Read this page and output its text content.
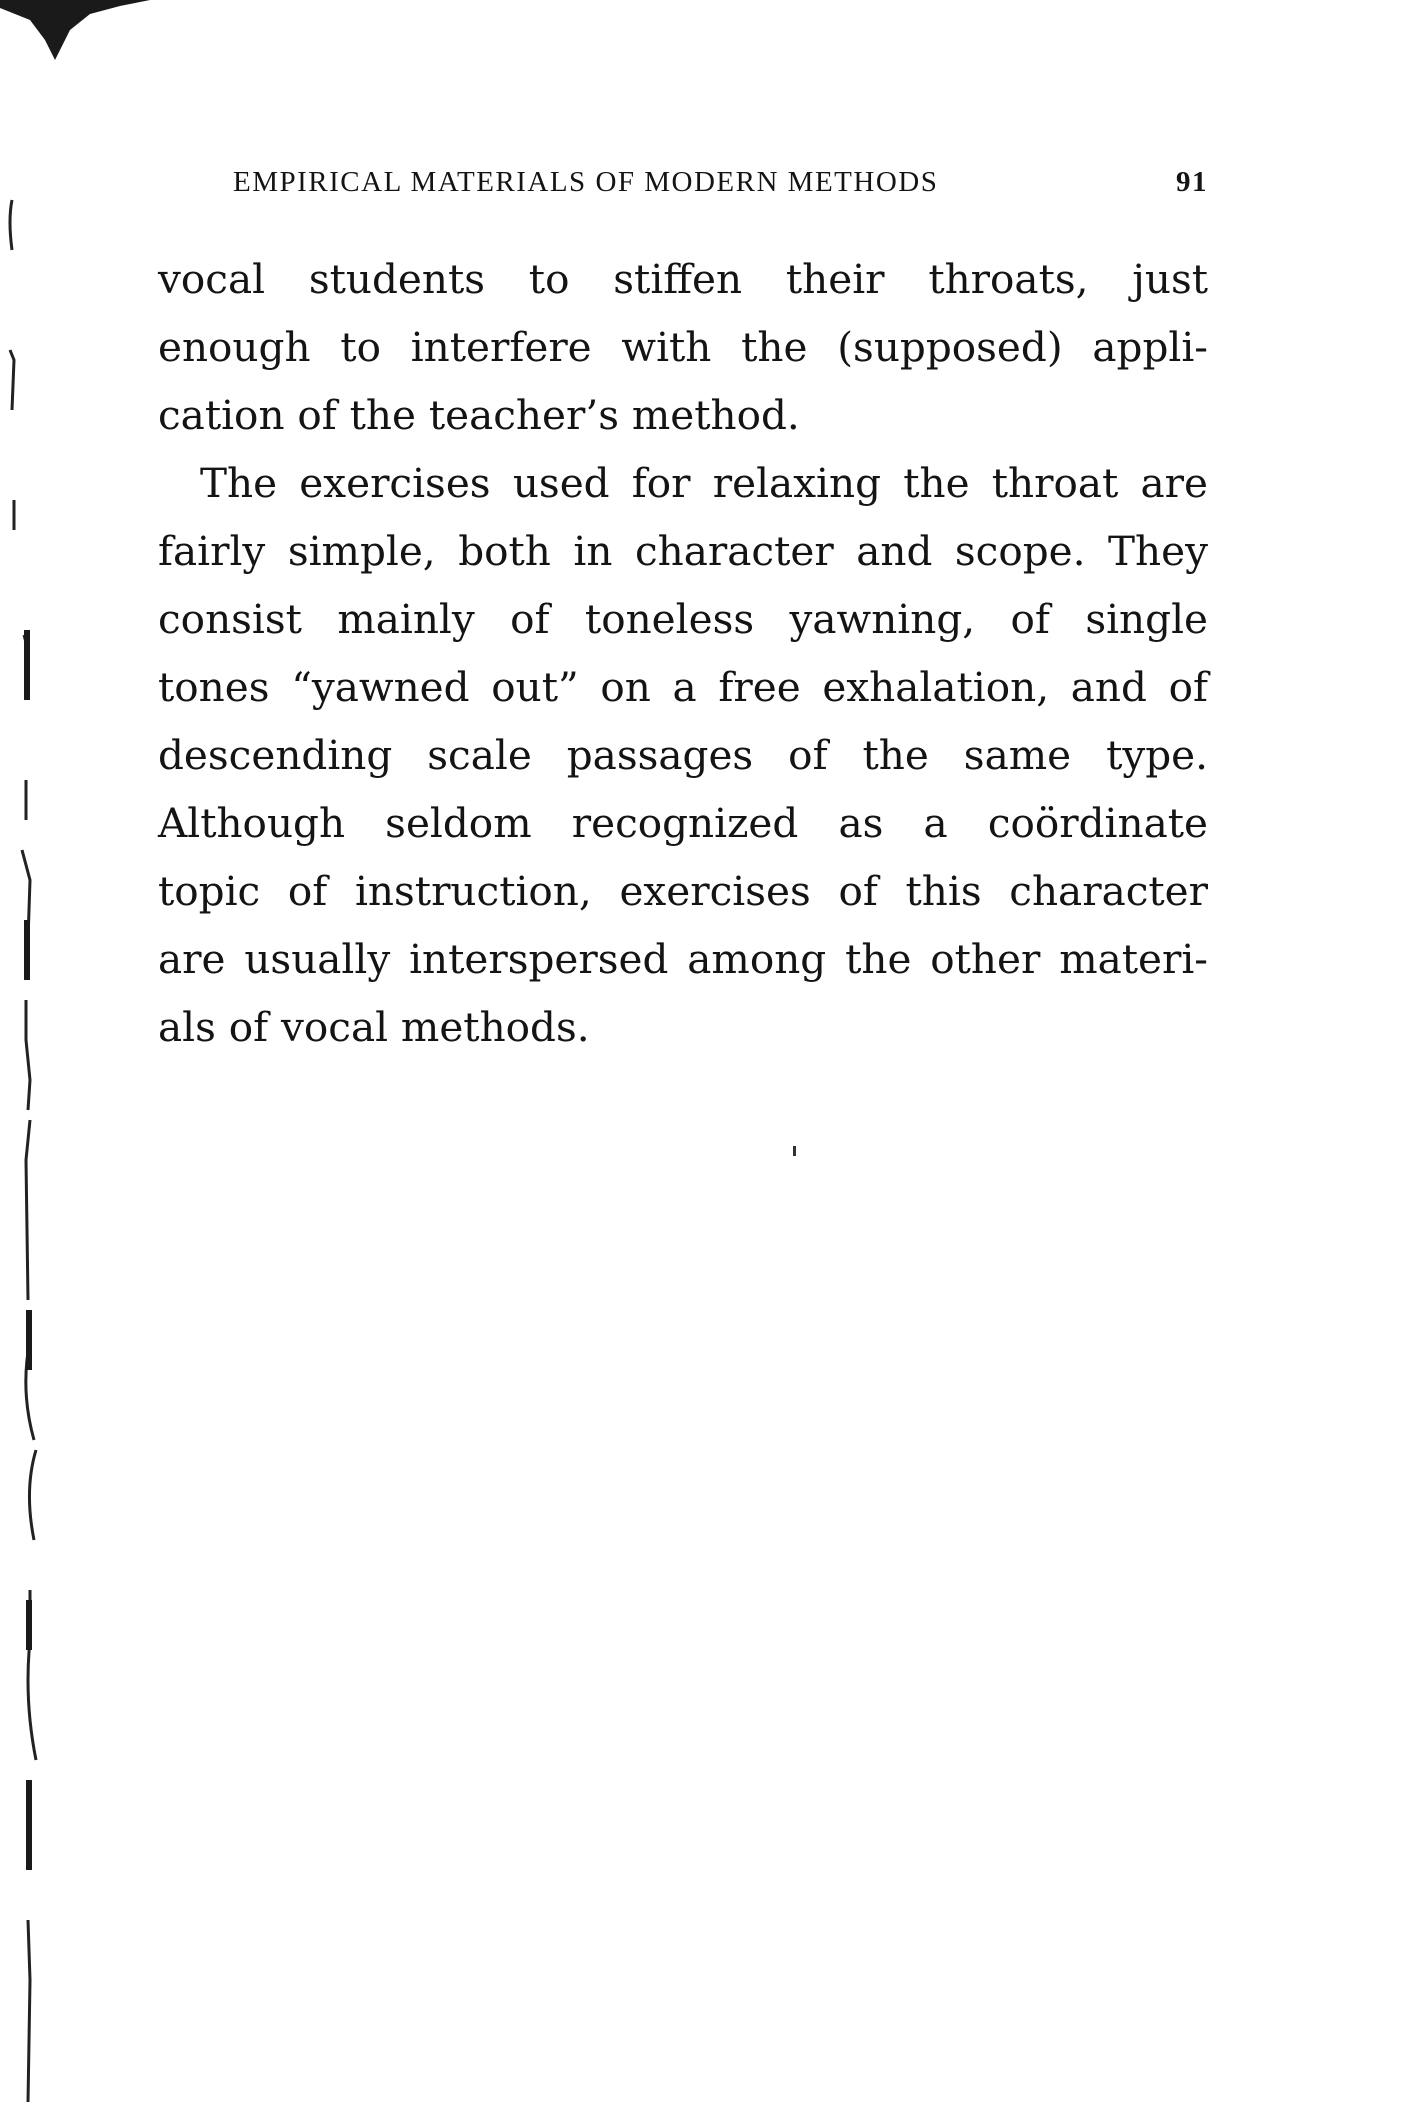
EMPIRICAL MATERIALS OF MODERN METHODS	91
vocal students to stiffen their throats, just
enough to interfere with the (supposed) appli-
cation of the teacher’s method.
The exercises used for relaxing the throat are
fairly simple, both in character and scope. They
consist mainly of toneless yawning, of single
tones “yawned out” on a free exhalation, and of
descending scale passages of the same type.
Although seldom recognized as a coördinate
topic of instruction, exercises of this character
are usually interspersed among the other materi-
als of vocal methods.
